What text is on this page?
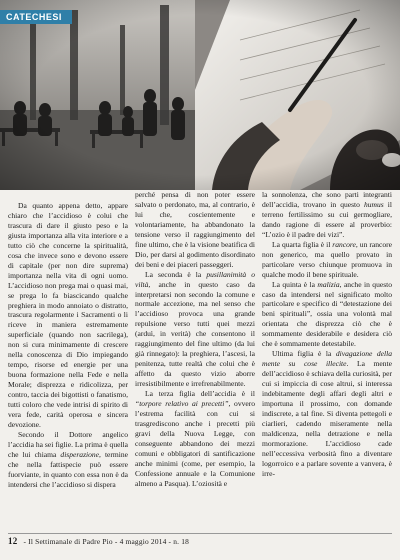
CATECHESI

Da quanto appena detto, appare chiaro che l’accidioso è colui che trascura di dare il giusto peso e la giusta importanza alla vita interiore e a tutto ciò che concerne la spiritualità, cosa che invece sono e devono essere di capitale (per non dire suprema) importanza nella vita di ogni uomo. L’accidioso non prega mai o quasi mai, se prega lo fa biascicando qualche preghiera in modo annoiato o distratto, trascura regolarmente i Sacramenti o li riceve in maniera estremamente superficiale (quando non sacrilega), non si cura minimamente di crescere nella conoscenza di Dio impiegando tempo, risorse ed energie per una buona formazione nella Fede e nella Morale; disprezza e ridicolizza, per contro, taccia dei bigottisti o fanatismo, tutti coloro che vede intrisi di spirito di vera fede, carità operosa e sincera devozione.

Secondo il Dottore angelico l’accidia ha sei figlie. La prima è quella che lui chiama disperazione, termine che nella fattispecie può essere fuorviante, in quanto con essa non è da intendersi che l’accidioso si dispera

perché pensa di non poter essere salvato o perdonato, ma, al contrario, è lui che, coscientemente e volontariamente, ha abbandonato la tensione verso il raggiungimento del fine ultimo, che è la visione beatifica di Dio, per darsi al godimento disordinato dei beni e dei piaceri passeggeri.

La seconda è la pusillanimità o viltà, anche in questo caso da interpretarsi non secondo la comune e normale accezione, ma nel senso che l’accidioso provoca una grande repulsione verso tutti quei mezzi (arduì, in verità) che consentono il raggiungimento del fine ultimo (da lui già rinnegato): la preghiera, l’ascesi, la penitenza, tutte realtà che colui che è affetto da questo vizio aborre irresistibilmente e irrefrenabilmente.

La terza figlia dell’accidia è il “torpore relativo ai precetti”, ovvero l’estrema facilità con cui si trasgrediscono anche i precetti più gravi della Nuova Legge, con conseguente abbandono dei mezzi comuni e obbligatori di santificazione anche minimi (come, per esempio, la Confessione annuale e la Comunione almeno a Pasqua). L’oziosità e

la sonnolenza, che sono parti integranti dell’accidia, trovano in questo humus il terreno fertilissimo su cui germogliare, dando ragione di essere al proverbio: “L’ozio è il padre dei vizi”.

La quarta figlia è il rancore, un rancore non generico, ma quello provato in particolare verso chiunque promuova in qualche modo il bene spirituale.

La quinta è la malizia, anche in questo caso da intendersi nel significato molto particolare e specifico di “detestazione dei beni spirituali”, ossia una volontà mal orientata che disprezza ciò che è sommamente desiderabile e desidera ciò che è sommamente detestabile.

Ultima figlia è la divagazione della mente su cose illecite. La mente dell’accidioso è schiava della curiosità, per cui si impiccia di cose altrui, si interessa indebitamente degli affari degli altri e importuna il prossimo, con domande indiscrete, a tal fine. Si diventa pettegoli e ciarlieri, cadendo miseramente nella maldicenza, nella detrazione e nella mormorazione. L’accidioso cade nell’eccessiva verbosità fino a diventare logorroico e a parlare sovente a vanvera, è irre-

12 - Il Settimanale di Padre Pio - 4 maggio 2014 - n. 18
